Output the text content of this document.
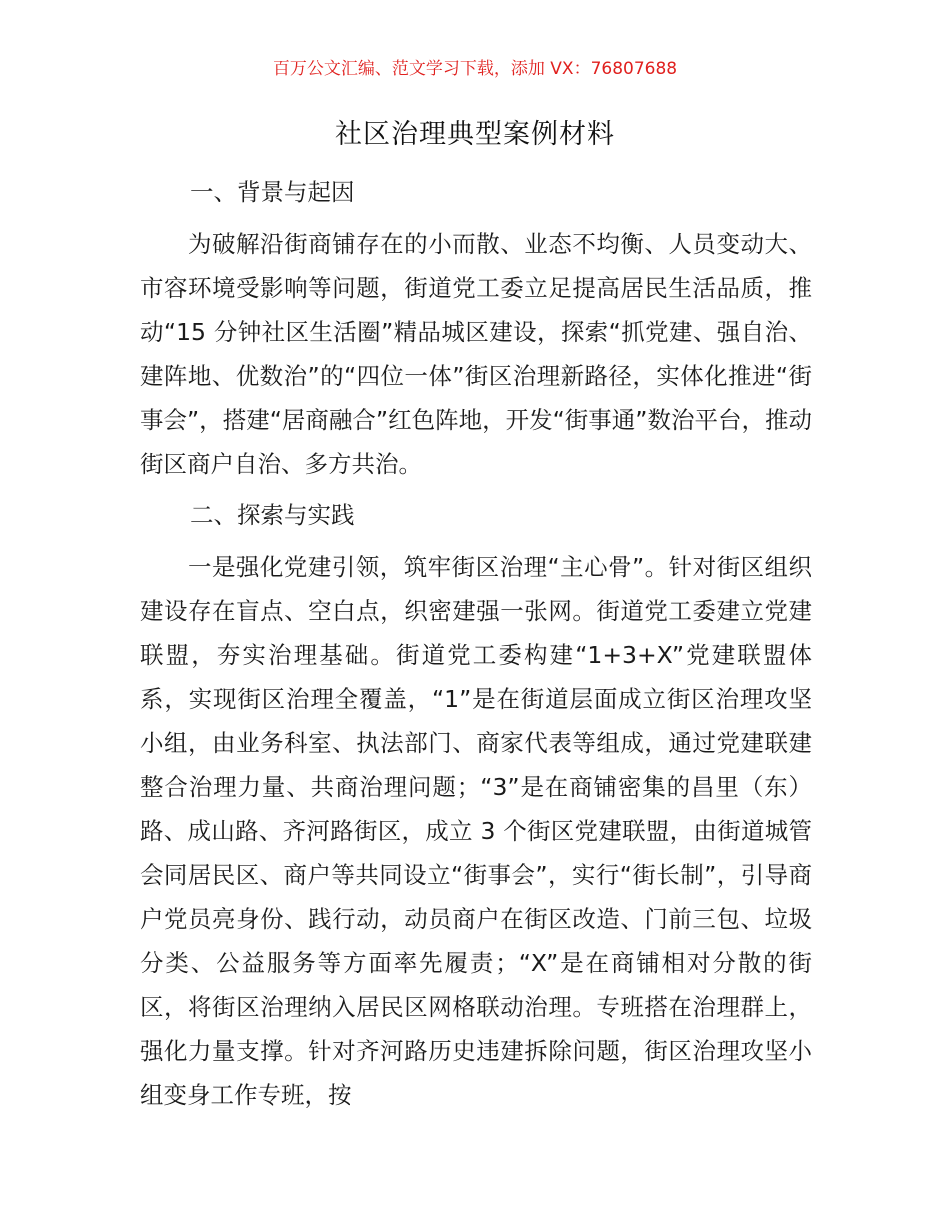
百万公文汇编、范文学习下载，添加 VX：76807688
社区治理典型案例材料

一、背景与起因

为破解沿街商铺存在的小而散、业态不均衡、人员变动大、市容环境受影响等问题，街道党工委立足提高居民生活品质，推动“15 分钟社区生活圈”精品城区建设，探索“抓党建、强自治、建阵地、优数治”的“四位一体”街区治理新路径，实体化推进“街事会”，搭建“居商融合”红色阵地，开发“街事通”数治平台，推动街区商户自治、多方共治。

二、探索与实践

一是强化党建引领，筑牢街区治理“主心骨”。针对街区组织建设存在盲点、空白点，织密建强一张网。街道党工委建立党建联盟，夯实治理基础。街道党工委构建“1+3+X”党建联盟体系，实现街区治理全覆盖，“1”是在街道层面成立街区治理攻坚小组，由业务科室、执法部门、商家代表等组成，通过党建联建整合治理力量、共商治理问题；“3”是在商铺密集的昌里（东）路、成山路、齐河路街区，成立 3 个街区党建联盟，由街道城管会同居民区、商户等共同设立“街事会”，实行“街长制”，引导商户党员亮身份、践行动，动员商户在街区改造、门前三包、垃圾分类、公益服务等方面率先履责；“X”是在商铺相对分散的街区，将街区治理纳入居民区网格联动治理。专班搭在治理群上，强化力量支撑。针对齐河路历史违建拆除问题，街区治理攻坚小组变身工作专班，按
